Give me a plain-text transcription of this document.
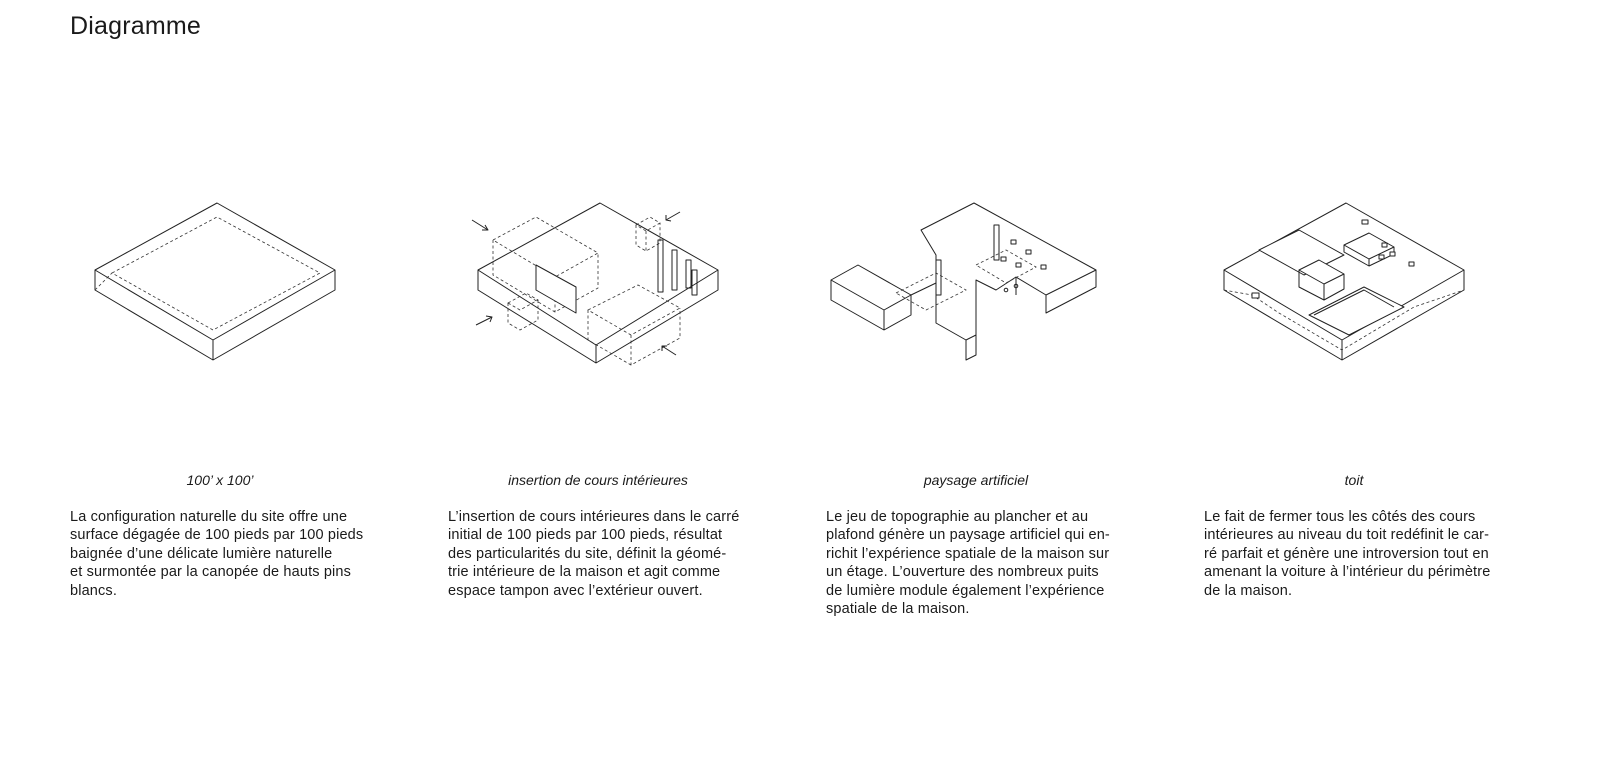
Diagramme
100’ x 100’
La configuration naturelle du site offre une
surface dégagée de 100 pieds par 100 pieds
baignée d’une délicate lumière naturelle
et surmontée par la canopée de hauts pins
blancs.
insertion de cours intérieures
L’insertion de cours intérieures dans le carré
initial de 100 pieds par 100 pieds, résultat
des particularités du site, définit la géomé-
trie intérieure de la maison et agit comme
espace tampon avec l’extérieur ouvert.
paysage artificiel
Le jeu de topographie au plancher et au
plafond génère un paysage artificiel qui en-
richit l’expérience spatiale de la maison sur
un étage. L’ouverture des nombreux puits
de lumière module également l’expérience
spatiale de la maison.
toit
Le fait de fermer tous les côtés des cours
intérieures au niveau du toit redéfinit le car-
ré parfait et génère une introversion tout en
amenant la voiture à l’intérieur du périmètre
de la maison.
